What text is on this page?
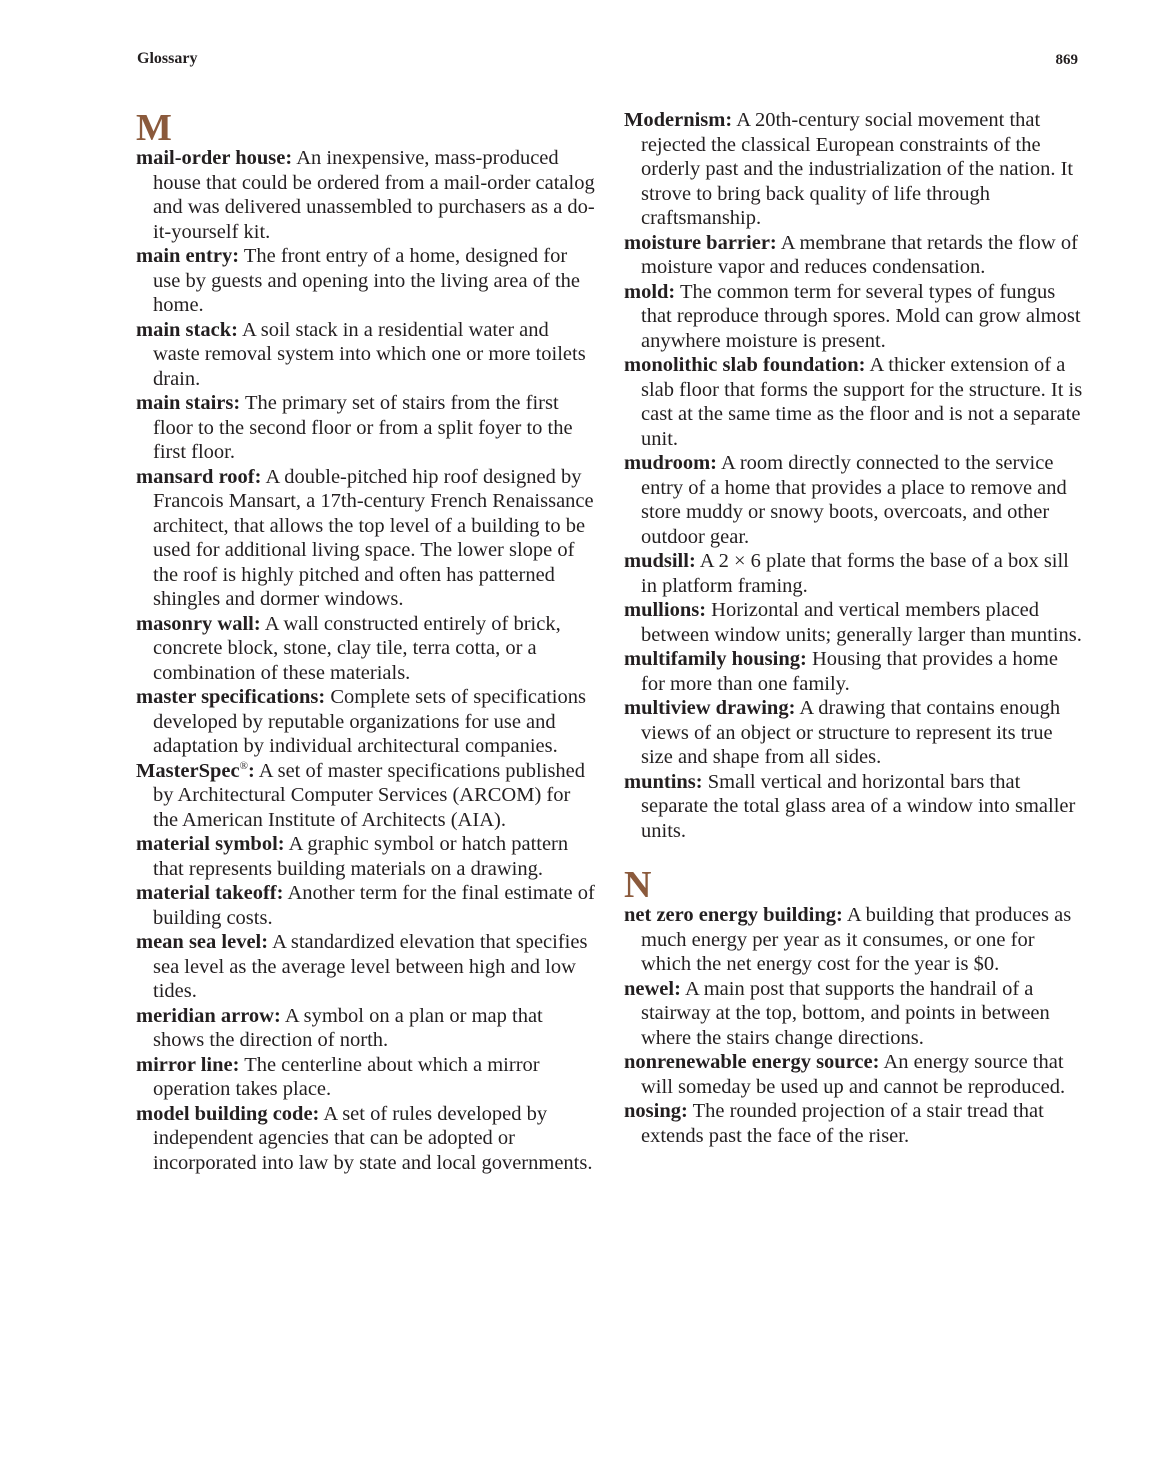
Glossary	869
M

mail-order house: An inexpensive, mass-produced house that could be ordered from a mail-order catalog and was delivered unassembled to purchasers as a do-it-yourself kit.

main entry: The front entry of a home, designed for use by guests and opening into the living area of the home.

main stack: A soil stack in a residential water and waste removal system into which one or more toilets drain.

main stairs: The primary set of stairs from the first floor to the second floor or from a split foyer to the first floor.

mansard roof: A double-pitched hip roof designed by Francois Mansart, a 17th-century French Renaissance architect, that allows the top level of a building to be used for additional living space. The lower slope of the roof is highly pitched and often has patterned shingles and dormer windows.

masonry wall: A wall constructed entirely of brick, concrete block, stone, clay tile, terra cotta, or a combination of these materials.

master specifications: Complete sets of specifications developed by reputable organizations for use and adaptation by individual architectural companies.

MasterSpec®: A set of master specifications published by Architectural Computer Services (ARCOM) for the American Institute of Architects (AIA).

material symbol: A graphic symbol or hatch pattern that represents building materials on a drawing.

material takeoff: Another term for the final estimate of building costs.

mean sea level: A standardized elevation that specifies sea level as the average level between high and low tides.

meridian arrow: A symbol on a plan or map that shows the direction of north.

mirror line: The centerline about which a mirror operation takes place.

model building code: A set of rules developed by independent agencies that can be adopted or incorporated into law by state and local governments.

Modernism: A 20th-century social movement that rejected the classical European constraints of the orderly past and the industrialization of the nation. It strove to bring back quality of life through craftsmanship.

moisture barrier: A membrane that retards the flow of moisture vapor and reduces condensation.

mold: The common term for several types of fungus that reproduce through spores. Mold can grow almost anywhere moisture is present.

monolithic slab foundation: A thicker extension of a slab floor that forms the support for the structure. It is cast at the same time as the floor and is not a separate unit.

mudroom: A room directly connected to the service entry of a home that provides a place to remove and store muddy or snowy boots, overcoats, and other outdoor gear.

mudsill: A 2 × 6 plate that forms the base of a box sill in platform framing.

mullions: Horizontal and vertical members placed between window units; generally larger than muntins.

multifamily housing: Housing that provides a home for more than one family.

multiview drawing: A drawing that contains enough views of an object or structure to represent its true size and shape from all sides.

muntins: Small vertical and horizontal bars that separate the total glass area of a window into smaller units.

N

net zero energy building: A building that produces as much energy per year as it consumes, or one for which the net energy cost for the year is $0.

newel: A main post that supports the handrail of a stairway at the top, bottom, and points in between where the stairs change directions.

nonrenewable energy source: An energy source that will someday be used up and cannot be reproduced.

nosing: The rounded projection of a stair tread that extends past the face of the riser.
